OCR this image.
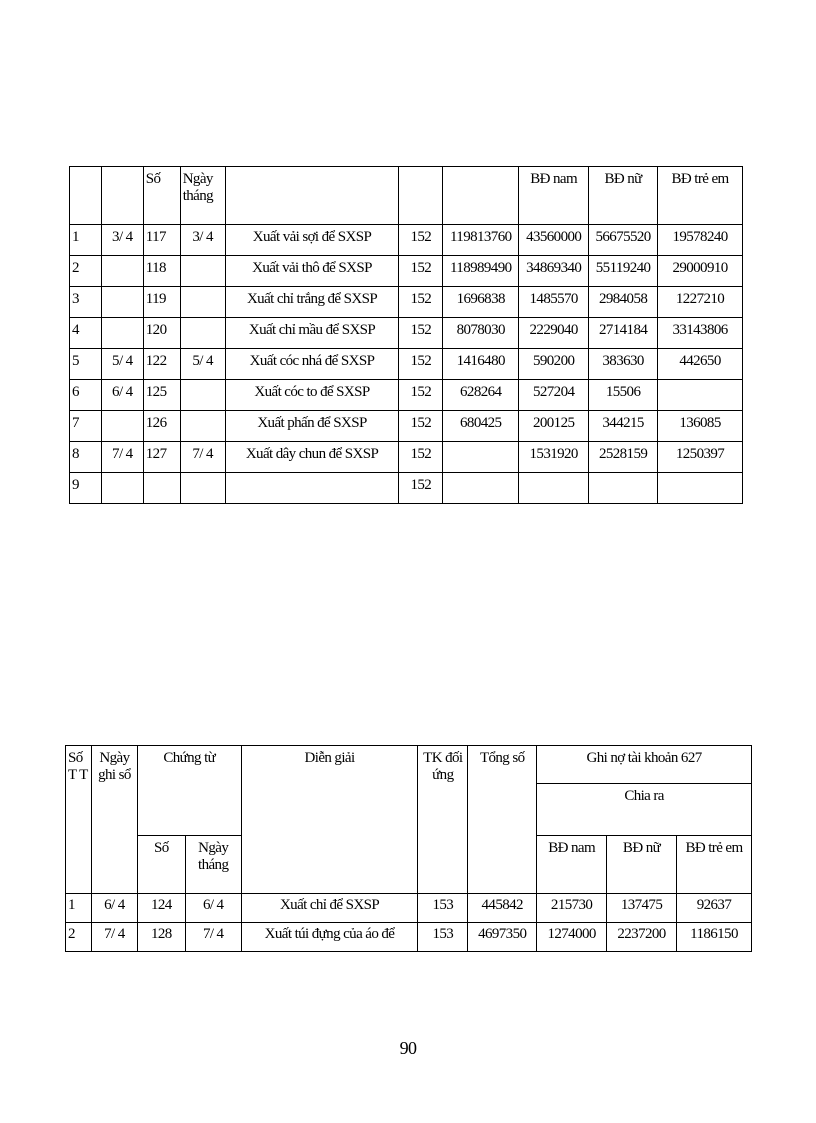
		Số	Ngày tháng				BĐ nam	BĐ nữ	BĐ trẻ em
1	3/ 4	117	3/ 4	Xuất vải sợi để SXSP	152	119813760	43560000	56675520	19578240
2		118		Xuất vải thô để SXSP	152	118989490	34869340	55119240	29000910
3		119		Xuất chỉ trắng để SXSP	152	1696838	1485570	2984058	1227210
4		120		Xuất chỉ mầu để SXSP	152	8078030	2229040	2714184	33143806
5	5/ 4	122	5/ 4	Xuất cóc nhá để SXSP	152	1416480	590200	383630	442650
6	6/ 4	125		Xuất cóc to để SXSP	152	628264	527204	15506	
7		126		Xuất phấn để SXSP	152	680425	200125	344215	136085
8	7/ 4	127	7/ 4	Xuất dây chun để SXSP	152		1531920	2528159	1250397
9					152				
Số T T	Ngày ghi sổ	Chứng từ		Diễn giải	TK đối ứng	Tổng số	Ghi nợ tài khoản 627		
							Chia ra		
		Số	Ngày tháng				BĐ nam	BĐ nữ	BĐ trẻ em
1	6/ 4	124	6/ 4	Xuất chỉ để SXSP	153	445842	215730	137475	92637
2	7/ 4	128	7/ 4	Xuất túi đựng của áo để	153	4697350	1274000	2237200	1186150
90
